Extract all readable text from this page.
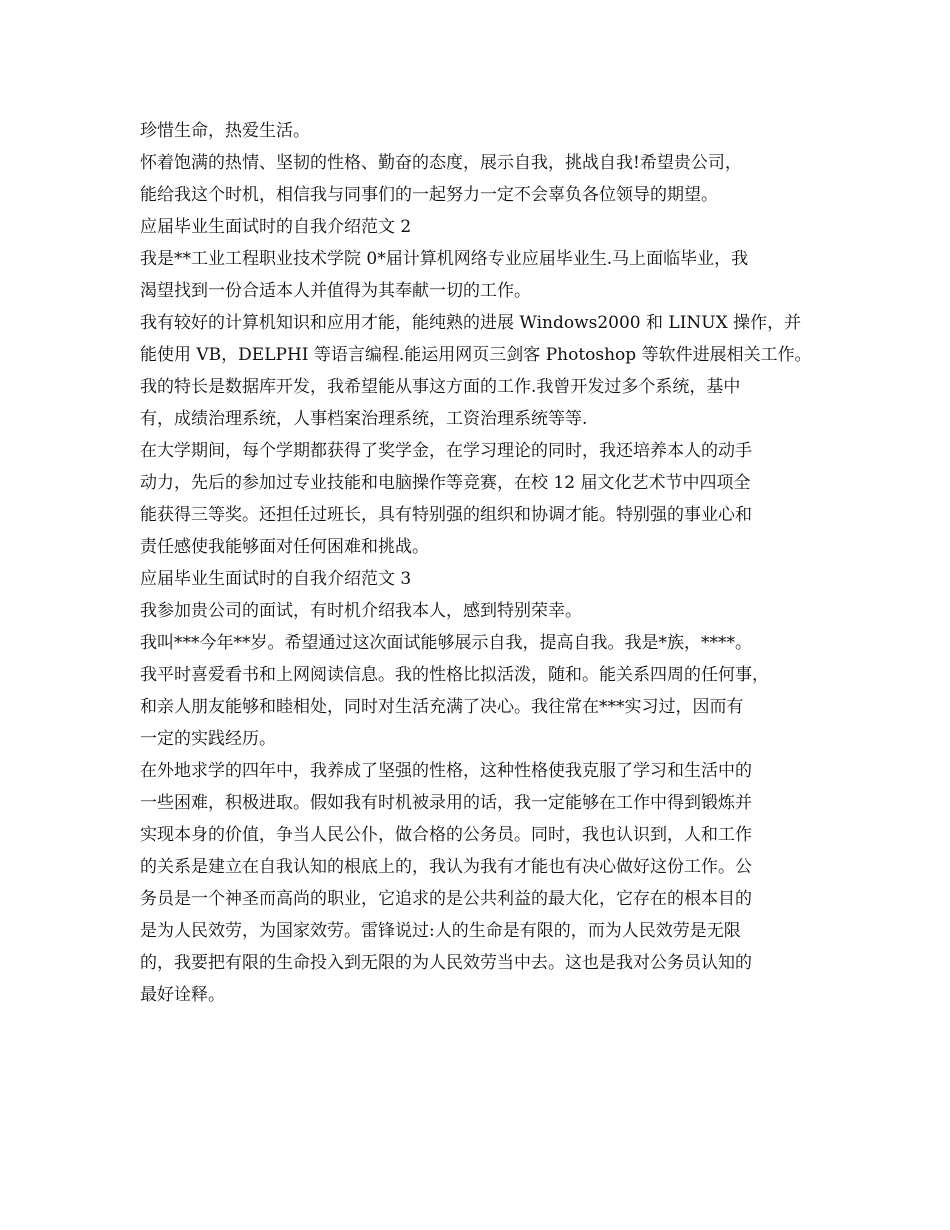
珍惜生命，热爱生活。
怀着饱满的热情、坚韧的性格、勤奋的态度，展示自我，挑战自我!希望贵公司，
能给我这个时机，相信我与同事们的一起努力一定不会辜负各位领导的期望。
应届毕业生面试时的自我介绍范文 2
我是**工业工程职业技术学院 0*届计算机网络专业应届毕业生.马上面临毕业，我
渴望找到一份合适本人并值得为其奉献一切的工作。
我有较好的计算机知识和应用才能，能纯熟的进展 Windows2000 和 LINUX 操作，并
能使用 VB，DELPHI 等语言编程.能运用网页三剑客 Photoshop 等软件进展相关工作。
我的特长是数据库开发，我希望能从事这方面的工作.我曾开发过多个系统，基中
有，成绩治理系统，人事档案治理系统，工资治理系统等等.
在大学期间，每个学期都获得了奖学金，在学习理论的同时，我还培养本人的动手
动力，先后的参加过专业技能和电脑操作等竞赛，在校 12 届文化艺术节中四项全
能获得三等奖。还担任过班长，具有特别强的组织和协调才能。特别强的事业心和
责任感使我能够面对任何困难和挑战。
应届毕业生面试时的自我介绍范文 3
我参加贵公司的面试，有时机介绍我本人，感到特别荣幸。
我叫***今年**岁。希望通过这次面试能够展示自我，提高自我。我是*族，****。
我平时喜爱看书和上网阅读信息。我的性格比拟活泼，随和。能关系四周的任何事，
和亲人朋友能够和睦相处，同时对生活充满了决心。我往常在***实习过，因而有
一定的实践经历。
在外地求学的四年中，我养成了坚强的性格，这种性格使我克服了学习和生活中的
一些困难，积极进取。假如我有时机被录用的话，我一定能够在工作中得到锻炼并
实现本身的价值，争当人民公仆，做合格的公务员。同时，我也认识到，人和工作
的关系是建立在自我认知的根底上的，我认为我有才能也有决心做好这份工作。公
务员是一个神圣而高尚的职业，它追求的是公共利益的最大化，它存在的根本目的
是为人民效劳，为国家效劳。雷锋说过:人的生命是有限的，而为人民效劳是无限
的，我要把有限的生命投入到无限的为人民效劳当中去。这也是我对公务员认知的
最好诠释。
